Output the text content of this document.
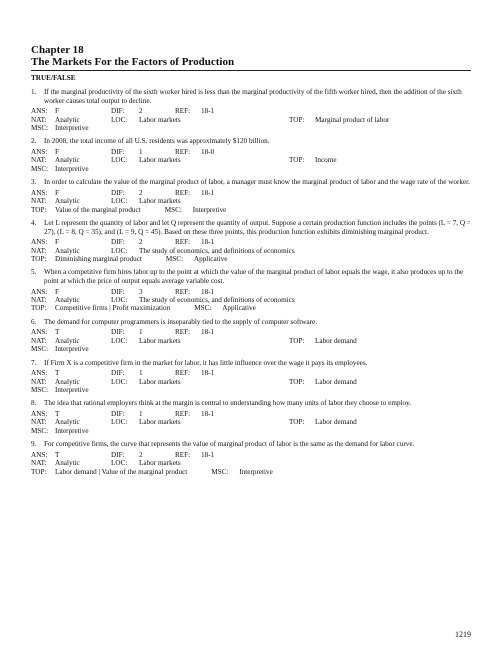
Chapter 18
The Markets For the Factors of Production
TRUE/FALSE
1.	If the marginal productivity of the sixth worker hired is less than the marginal productivity of the fifth worker hired, then the addition of the sixth worker causes total output to decline.
ANS:	F	DIF:	2	REF:	18-1
NAT:	Analytic	LOC:	Labor markets	TOP:	Marginal product of labor
MSC: Interpretive
2.	In 2008, the total income of all U.S. residents was approximately $120 billion.
ANS:	F	DIF:	1	REF:	18-0
NAT:	Analytic	LOC:	Labor markets	TOP:	Income
MSC: Interpretive
3.	In order to calculate the value of the marginal product of labor, a manager must know the marginal product of labor and the wage rate of the worker.
ANS:	F	DIF:	2	REF:	18-1
NAT:	Analytic	LOC:	Labor markets
TOP:	Value of the marginal product	MSC:	Interpretive
4.	Let L represent the quantity of labor and let Q represent the quantity of output. Suppose a certain production function includes the points (L = 7, Q = 27), (L = 8, Q = 35), and (L = 9, Q = 45). Based on these three points, this production function exhibits diminishing marginal product.
ANS:	F	DIF:	2	REF:	18-1
NAT:	Analytic	LOC:	The study of economics, and definitions of economics
TOP:	Diminishing marginal product	MSC:	Applicative
5.	When a competitive firm hires labor up to the point at which the value of the marginal product of labor equals the wage, it also produces up to the point at which the price of output equals average variable cost.
ANS:	F	DIF:	3	REF:	18-1
NAT:	Analytic	LOC:	The study of economics, and definitions of economics
TOP:	Competitive firms | Profit maximization	MSC:	Applicative
6.	The demand for computer programmers is inseparably tied to the supply of computer software.
ANS:	T	DIF:	1	REF:	18-1
NAT:	Analytic	LOC:	Labor markets	TOP:	Labor demand
MSC: Interpretive
7.	If Firm X is a competitive firm in the market for labor, it has little influence over the wage it pays its employees.
ANS:	T	DIF:	1	REF:	18-1
NAT:	Analytic	LOC:	Labor markets	TOP:	Labor demand
MSC: Interpretive
8.	The idea that rational employers think at the margin is central to understanding how many units of labor they choose to employ.
ANS:	T	DIF:	1	REF:	18-1
NAT:	Analytic	LOC:	Labor markets	TOP:	Labor demand
MSC: Interpretive
9.	For competitive firms, the curve that represents the value of marginal product of labor is the same as the demand for labor curve.
ANS:	T	DIF:	2	REF:	18-1
NAT:	Analytic	LOC:	Labor markets
TOP:	Labor demand | Value of the marginal product	MSC:	Interpretive
1219
